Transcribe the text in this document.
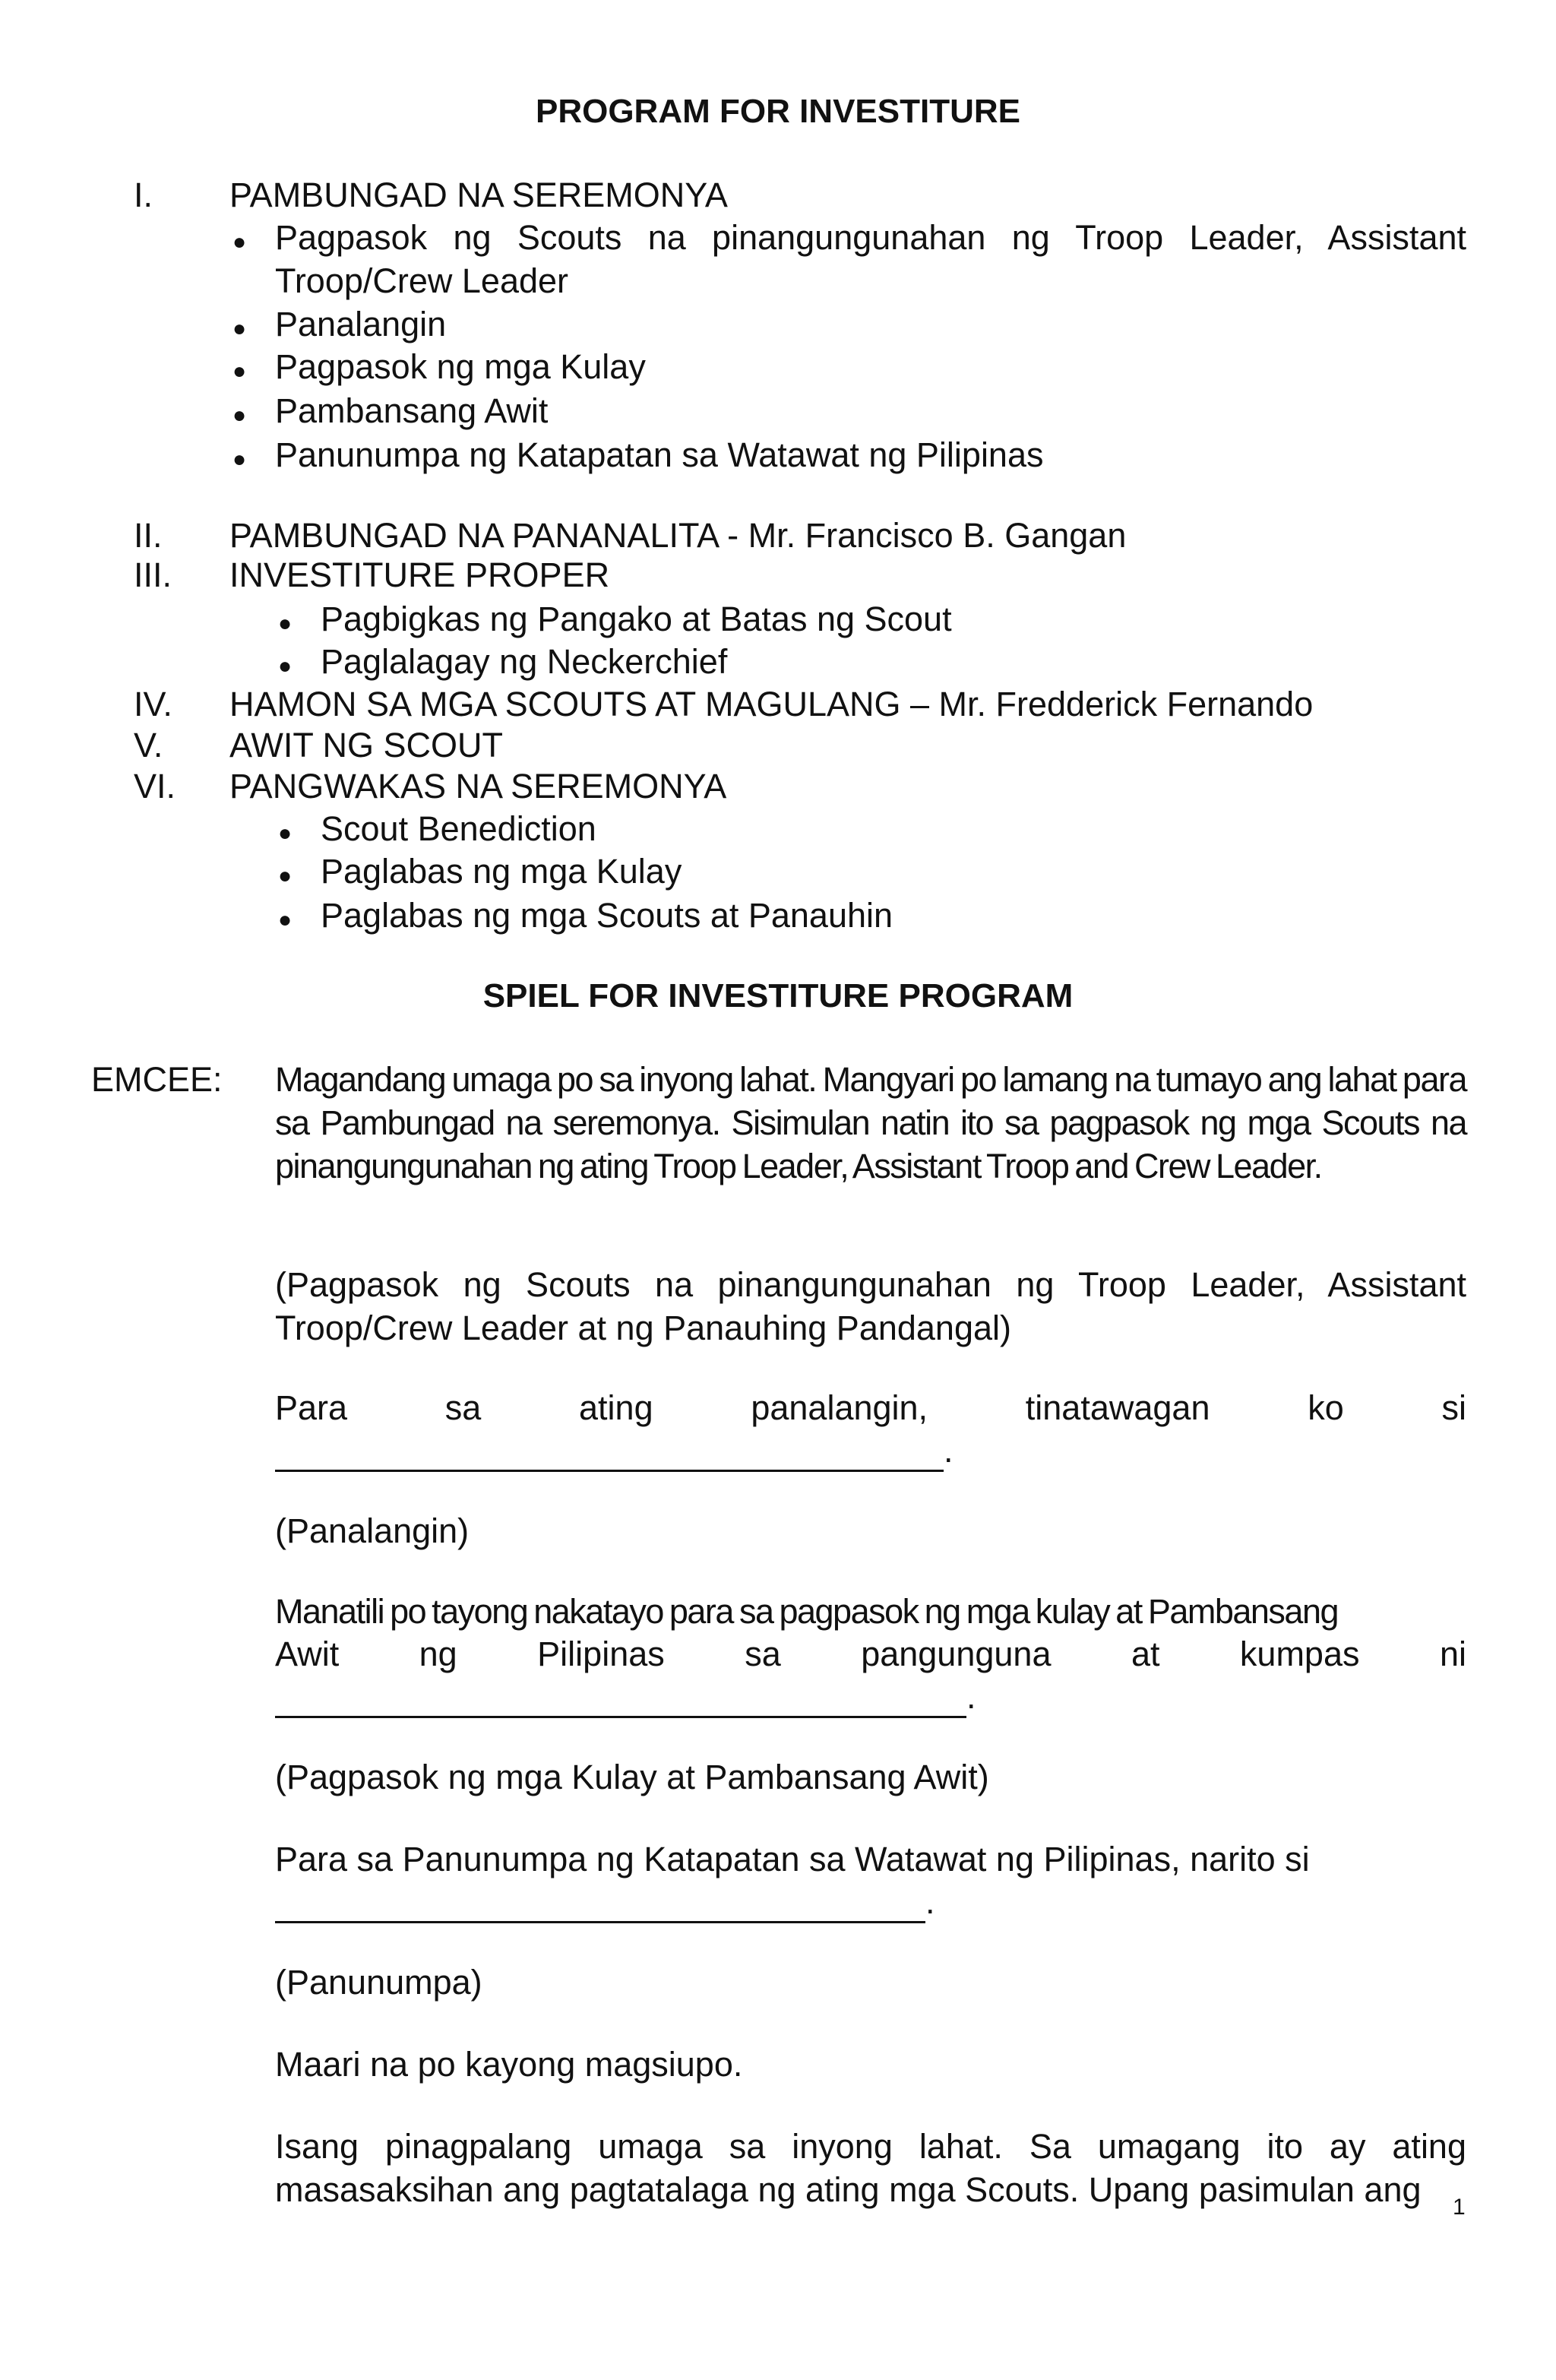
PROGRAM FOR INVESTITURE
I. PAMBUNGAD NA SEREMONYA
● Pagpasok ng Scouts na pinangungunahan ng Troop Leader, Assistant Troop/Crew Leader
● Panalangin
● Pagpasok ng mga Kulay
● Pambansang Awit
● Panunumpa ng Katapatan sa Watawat ng Pilipinas
II. PAMBUNGAD NA PANANALITA - Mr. Francisco B. Gangan
III. INVESTITURE PROPER
● Pagbigkas ng Pangako at Batas ng Scout
● Paglalagay ng Neckerchief
IV. HAMON SA MGA SCOUTS AT MAGULANG – Mr. Fredderick Fernando
V. AWIT NG SCOUT
VI. PANGWAKAS NA SEREMONYA
● Scout Benediction
● Paglabas ng mga Kulay
● Paglabas ng mga Scouts at Panauhin
SPIEL FOR INVESTITURE PROGRAM
EMCEE: Magandang umaga po sa inyong lahat. Mangyari po lamang na tumayo ang lahat para sa Pambungad na seremonya. Sisimulan natin ito sa pagpasok ng mga Scouts na pinangungunahan ng ating Troop Leader, Assistant Troop and Crew Leader.
(Pagpasok ng Scouts na pinangungunahan ng Troop Leader, Assistant Troop/Crew Leader at ng Panauhing Pandangal)
Para	sa	ating	panalangin,	tinatawagan	ko	si
.
(Panalangin)
Manatili po tayong nakatayo para sa pagpasok ng mga kulay at Pambansang
Awit ng Pilipinas sa pangunguna at kumpas ni
.
(Pagpasok ng mga Kulay at Pambansang Awit)
Para sa Panunumpa ng Katapatan sa Watawat ng Pilipinas, narito si
.
(Panunumpa)
Maari na po kayong magsiupo.
Isang pinagpalang umaga sa inyong lahat. Sa umagang ito ay ating masasaksihan ang pagtatalaga ng ating mga Scouts. Upang pasimulan ang	1
